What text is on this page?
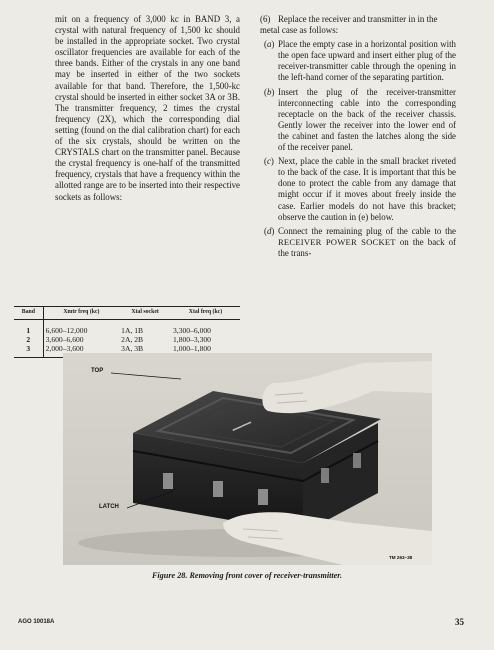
mit on a frequency of 3,000 kc in BAND 3, a crystal with natural frequency of 1,500 kc should be installed in the appropriate socket. Two crystal oscillator frequencies are available for each of the three bands. Either of the crystals in any one band may be inserted in either of the two sockets available for that band. Therefore, the 1,500-kc crystal should be inserted in either socket 3A or 3B. The transmitter frequency, 2 times the crystal frequency (2X), which the corresponding dial setting (found on the dial calibration chart) for each of the six crystals, should be written on the CRYSTALS chart on the transmitter panel. Because the crystal frequency is one-half of the transmitted frequency, crystals that have a frequency within the allotted range are to be inserted into their respective sockets as follows:

Band	Xmtr freq (kc)	Xtal socket	Xtal freq (kc)
1	6,600–12,000	1A, 1B	3,300–6,000
2	3,600–6,600	2A, 2B	1,800–3,300
3	2,000–3,600	3A, 3B	1,000–1,800

(6) Replace the receiver and transmitter in in the metal case as follows:

( a ) Place the empty case in a horizontal position with the open face upward and insert either plug of the receiver-transmitter cable through the opening in the left-hand corner of the separating partition.
( b ) Insert the plug of the receiver-transmitter interconnecting cable into the corresponding receptacle on the back of the receiver chassis. Gently lower the receiver into the lower end of the cabinet and fasten the latches along the side of the receiver panel.
( c ) Next, place the cable in the small bracket riveted to the back of the case. It is important that this be done to protect the cable from any damage that might occur if it moves about freely inside the case. Earlier models do not have this bracket; observe the caution in (e) below.
( d ) Connect the remaining plug of the cable to the RECEIVER POWER SOCKET on the back of the trans-
▬▬▬▬
TOP
LATCH
TM 263–38
Figure 28. Removing front cover of receiver-transmitter.
AGO 10018A	35
